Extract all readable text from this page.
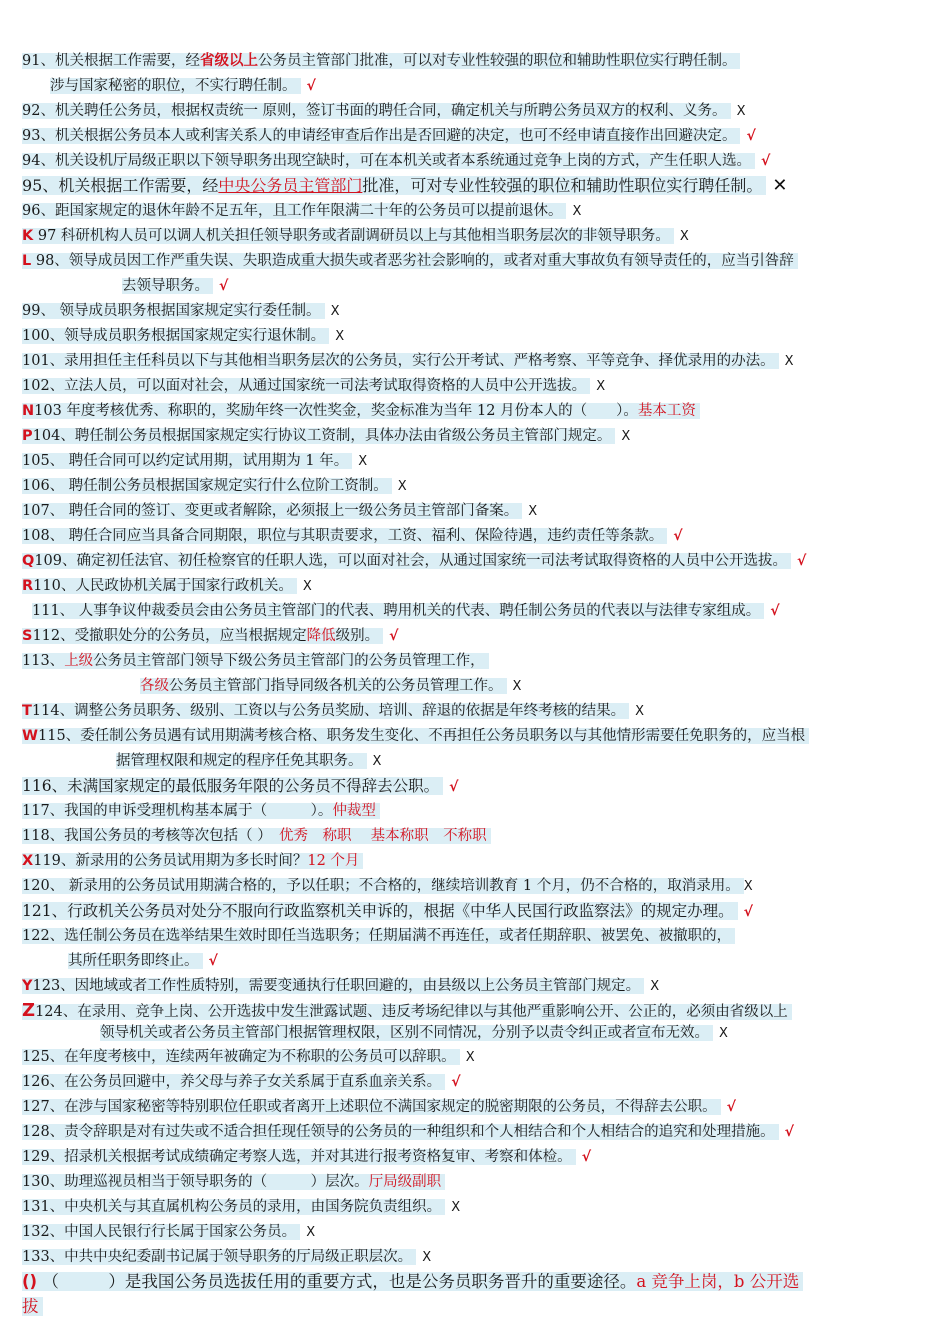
91、机关根据工作需要，经省级以上公务员主管部门批准，可以对专业性较强的职位和辅助性职位实行聘任制。
涉与国家秘密的职位，不实行聘任制。 √
92、机关聘任公务员，根据权责统一 原则，签订书面的聘任合同，确定机关与所聘公务员双方的权利、义务。 X
93、机关根据公务员本人或利害关系人的申请经审查后作出是否回避的决定，也可不经申请直接作出回避决定。 √
94、机关设机厅局级正职以下领导职务出现空缺时，可在本机关或者本系统通过竞争上岗的方式，产生任职人选。 √
95、机关根据工作需要，经中央公务员主管部门批准，可对专业性较强的职位和辅助性职位实行聘任制。 ✕
96、距国家规定的退休年龄不足五年，且工作年限满二十年的公务员可以提前退休。 X
K 97 科研机构人员可以调人机关担任领导职务或者副调研员以上与其他相当职务层次的非领导职务。 X
L 98、领导成员因工作严重失误、失职造成重大损失或者恶劣社会影响的，或者对重大事故负有领导责任的，应当引咎辞
去领导职务。 √
99、 领导成员职务根据国家规定实行委任制。 X
100、领导成员职务根据国家规定实行退休制。 X
101、录用担任主任科员以下与其他相当职务层次的公务员，实行公开考试、严格考察、平等竞争、择优录用的办法。 X
102、立法人员，可以面对社会，从通过国家统一司法考试取得资格的人员中公开选拔。 X
N103 年度考核优秀、称职的，奖励年终一次性奖金，奖金标准为当年 12 月份本人的（　　）。基本工资
P104、聘任制公务员根据国家规定实行协议工资制，具体办法由省级公务员主管部门规定。 X
105、 聘任合同可以约定试用期，试用期为 1 年。 X
106、 聘任制公务员根据国家规定实行什么位阶工资制。 X
107、 聘任合同的签订、变更或者解除，必须报上一级公务员主管部门备案。 X
108、 聘任合同应当具备合同期限，职位与其职责要求，工资、福利、保险待遇，违约责任等条款。 √
Q109、确定初任法官、初任检察官的任职人选，可以面对社会，从通过国家统一司法考试取得资格的人员中公开选拔。 √
R110、人民政协机关属于国家行政机关。 X
111、 人事争议仲裁委员会由公务员主管部门的代表、聘用机关的代表、聘任制公务员的代表以与法律专家组成。 √
S112、受撤职处分的公务员，应当根据规定降低级别。 √
113、上级公务员主管部门领导下级公务员主管部门的公务员管理工作，
各级公务员主管部门指导同级各机关的公务员管理工作。 X
T114、调整公务员职务、级别、工资以与公务员奖励、培训、辞退的依据是年终考核的结果。 X
W115、委任制公务员遇有试用期满考核合格、职务发生变化、不再担任公务员职务以与其他情形需要任免职务的，应当根
据管理权限和规定的程序任免其职务。 X
116、未满国家规定的最低服务年限的公务员不得辞去公职。 √
117、我国的申诉受理机构基本属于（　　　）。仲裁型
118、我国公务员的考核等次包括（ ）　优秀　称职　 基本称职　不称职
X119、新录用的公务员试用期为多长时间？12 个月
120、 新录用的公务员试用期满合格的，予以任职；不合格的，继续培训教育 1 个月，仍不合格的，取消录用。 X
121、行政机关公务员对处分不服向行政监察机关申诉的，根据《中华人民国行政监察法》的规定办理。 √
122、选任制公务员在选举结果生效时即任当选职务；任期届满不再连任，或者任期辞职、被罢免、被撤职的，
其所任职务即终止。 √
Y123、因地域或者工作性质特别，需要变通执行任职回避的，由县级以上公务员主管部门规定。 X
Z124、在录用、竞争上岗、公开选拔中发生泄露试题、违反考场纪律以与其他严重影响公开、公正的，必须由省级以上
领导机关或者公务员主管部门根据管理权限，区别不同情况，分别予以责令纠正或者宣布无效。 X
125、在年度考核中，连续两年被确定为不称职的公务员可以辞职。 X
126、在公务员回避中，养父母与养子女关系属于直系血亲关系。 √
127、在涉与国家秘密等特别职位任职或者离开上述职位不满国家规定的脱密期限的公务员，不得辞去公职。 √
128、责令辞职是对有过失或不适合担任现任领导的公务员的一种组织和个人相结合和个人相结合的追究和处理措施。 √
129、招录机关根据考试成绩确定考察人选，并对其进行报考资格复审、考察和体检。 √
130、助理巡视员相当于领导职务的（　　　）层次。厅局级副职
131、中央机关与其直属机构公务员的录用，由国务院负责组织。 X
132、中国人民银行行长属于国家公务员。 X
133、中共中央纪委副书记属于领导职务的厅局级正职层次。 X
() （　　　）是我国公务员选拔任用的重要方式，也是公务员职务晋升的重要途径。a 竞争上岗，b 公开选
拔
